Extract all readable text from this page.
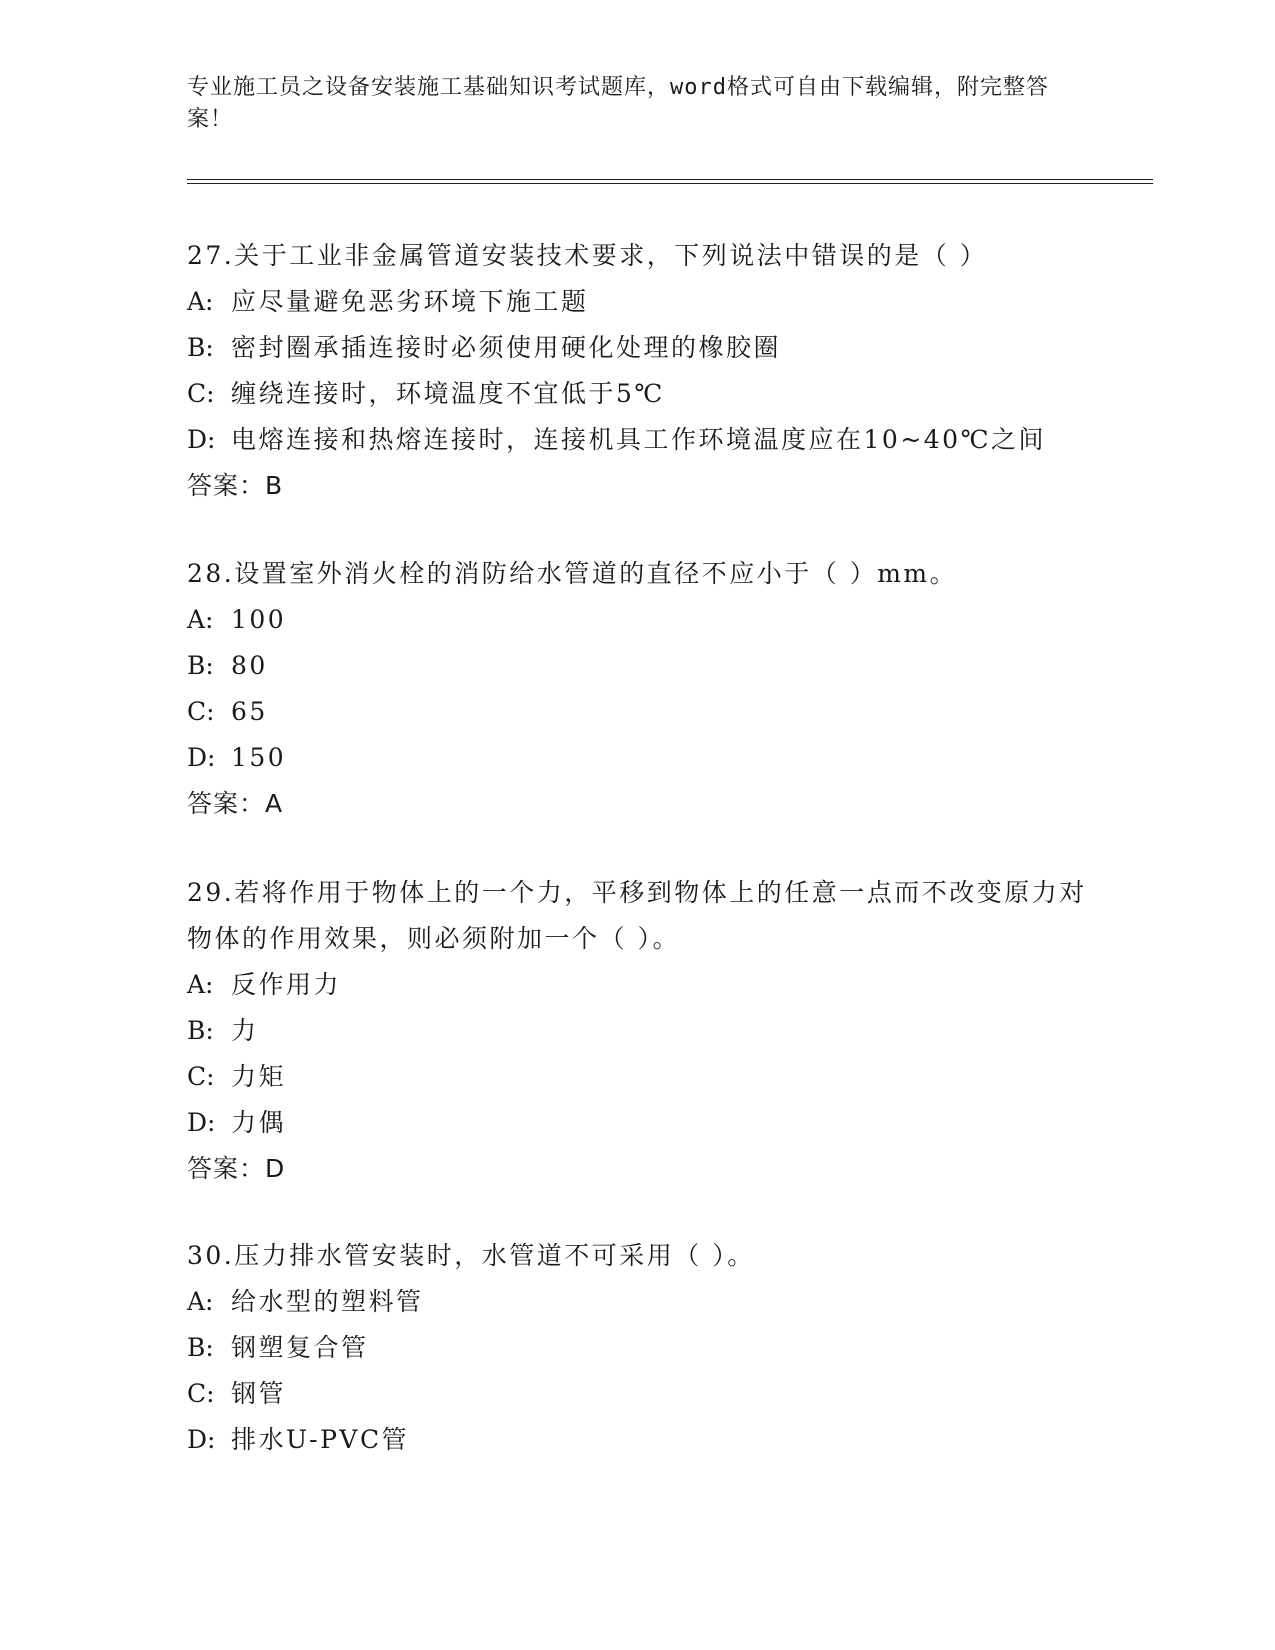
专业施工员之设备安装施工基础知识考试题库，word格式可自由下载编辑，附完整答案！

27.关于工业非金属管道安装技术要求，下列说法中错误的是（ ）

A: 应尽量避免恶劣环境下施工题
B: 密封圈承插连接时必须使用硬化处理的橡胶圈
C: 缠绕连接时，环境温度不宜低于5℃
D: 电熔连接和热熔连接时，连接机具工作环境温度应在10~40℃之间
答案：B

28.设置室外消火栓的消防给水管道的直径不应小于（ ）mm。

A: 100
B: 80
C: 65
D: 150
答案：A

29.若将作用于物体上的一个力，平移到物体上的任意一点而不改变原力对物体的作用效果，则必须附加一个（ ）。

A: 反作用力
B: 力
C: 力矩
D: 力偶
答案：D

30.压力排水管安装时，水管道不可采用（ ）。

A: 给水型的塑料管
B: 钢塑复合管
C: 钢管
D: 排水U-PVC管
